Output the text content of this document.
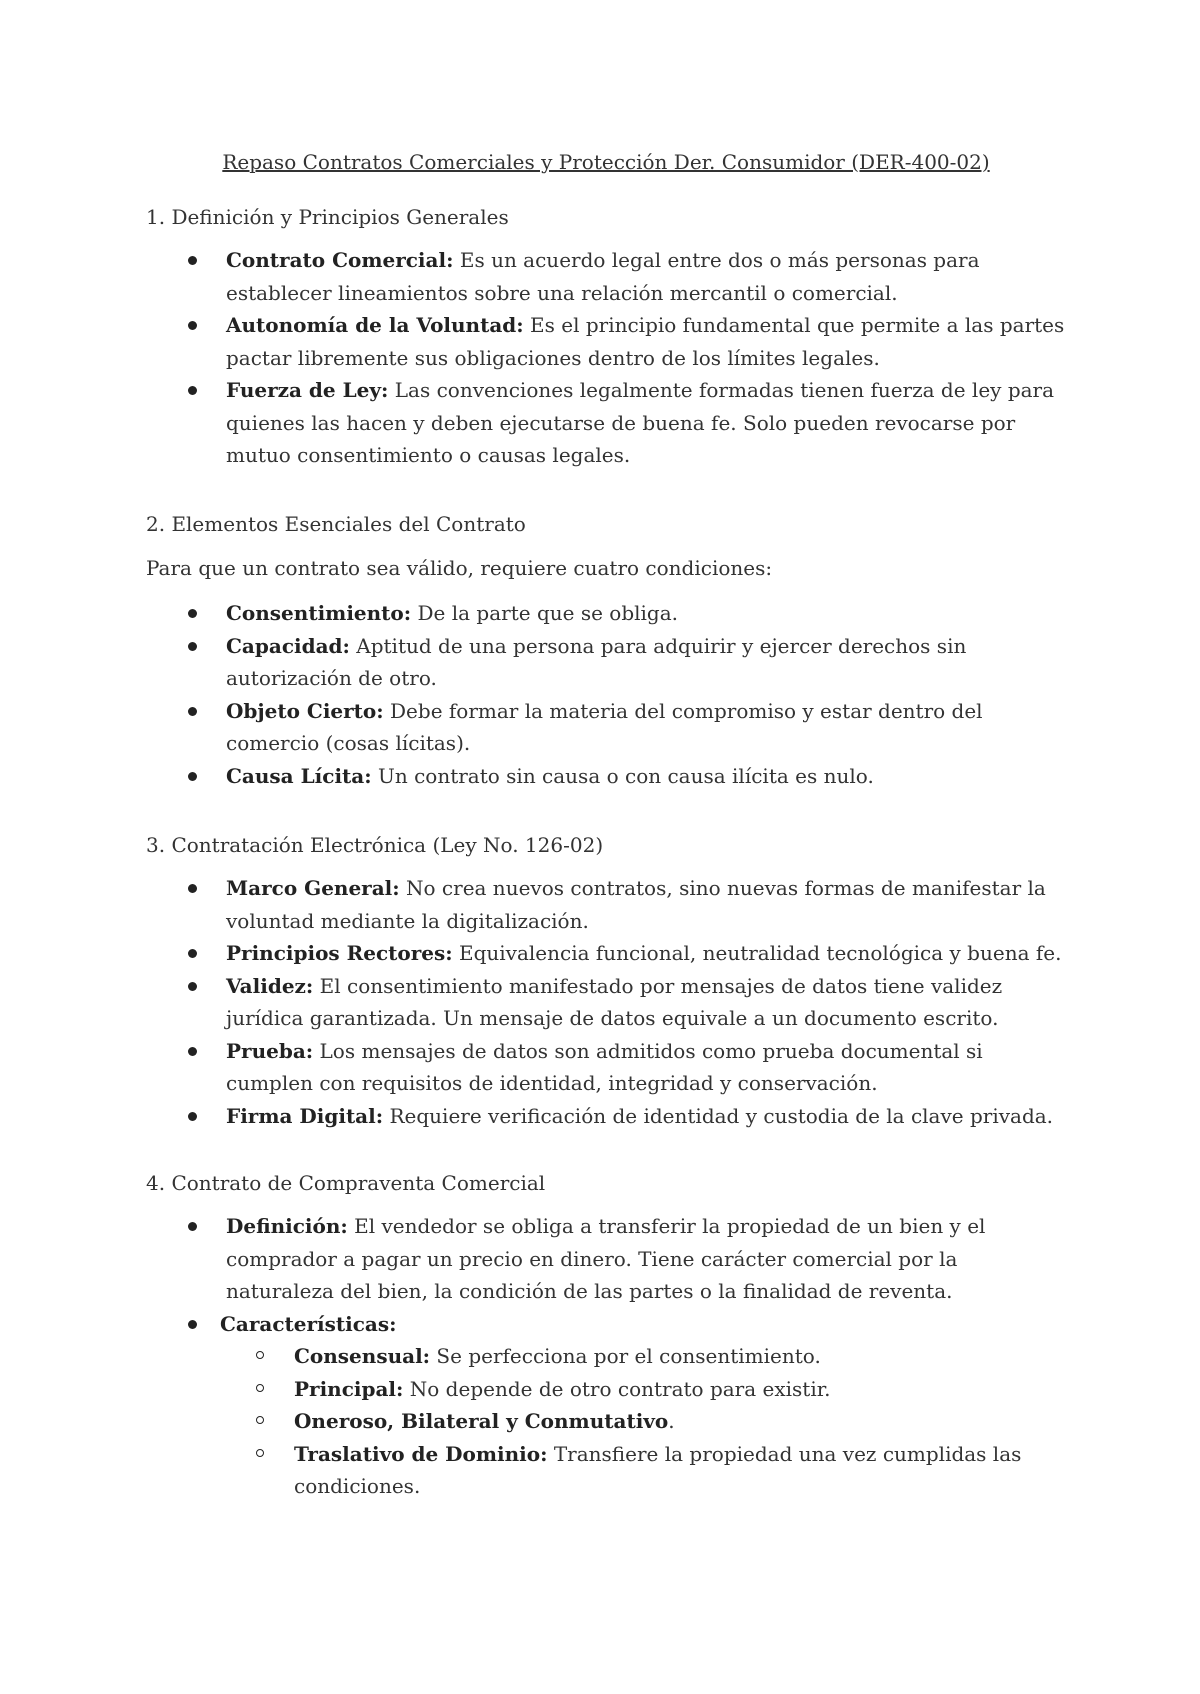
Repaso Contratos Comerciales y Protección Der. Consumidor (DER-400-02)
1. Definición y Principios Generales
Contrato Comercial: Es un acuerdo legal entre dos o más personas para establecer lineamientos sobre una relación mercantil o comercial.
Autonomía de la Voluntad: Es el principio fundamental que permite a las partes pactar libremente sus obligaciones dentro de los límites legales.
Fuerza de Ley: Las convenciones legalmente formadas tienen fuerza de ley para quienes las hacen y deben ejecutarse de buena fe. Solo pueden revocarse por mutuo consentimiento o causas legales.
2. Elementos Esenciales del Contrato

Para que un contrato sea válido, requiere cuatro condiciones:

Consentimiento: De la parte que se obliga.
Capacidad: Aptitud de una persona para adquirir y ejercer derechos sin autorización de otro.
Objeto Cierto: Debe formar la materia del compromiso y estar dentro del comercio (cosas lícitas).
Causa Lícita: Un contrato sin causa o con causa ilícita es nulo.
3. Contratación Electrónica (Ley No. 126-02)
Marco General: No crea nuevos contratos, sino nuevas formas de manifestar la voluntad mediante la digitalización.
Principios Rectores: Equivalencia funcional, neutralidad tecnológica y buena fe.
Validez: El consentimiento manifestado por mensajes de datos tiene validez jurídica garantizada. Un mensaje de datos equivale a un documento escrito.
Prueba: Los mensajes de datos son admitidos como prueba documental si cumplen con requisitos de identidad, integridad y conservación.
Firma Digital: Requiere verificación de identidad y custodia de la clave privada.
4. Contrato de Compraventa Comercial
Definición: El vendedor se obliga a transferir la propiedad de un bien y el comprador a pagar un precio en dinero. Tiene carácter comercial por la naturaleza del bien, la condición de las partes o la finalidad de reventa.
Características:
Consensual: Se perfecciona por el consentimiento.
Principal: No depende de otro contrato para existir.
Oneroso, Bilateral y Conmutativo.
Traslativo de Dominio: Transfiere la propiedad una vez cumplidas las condiciones.
